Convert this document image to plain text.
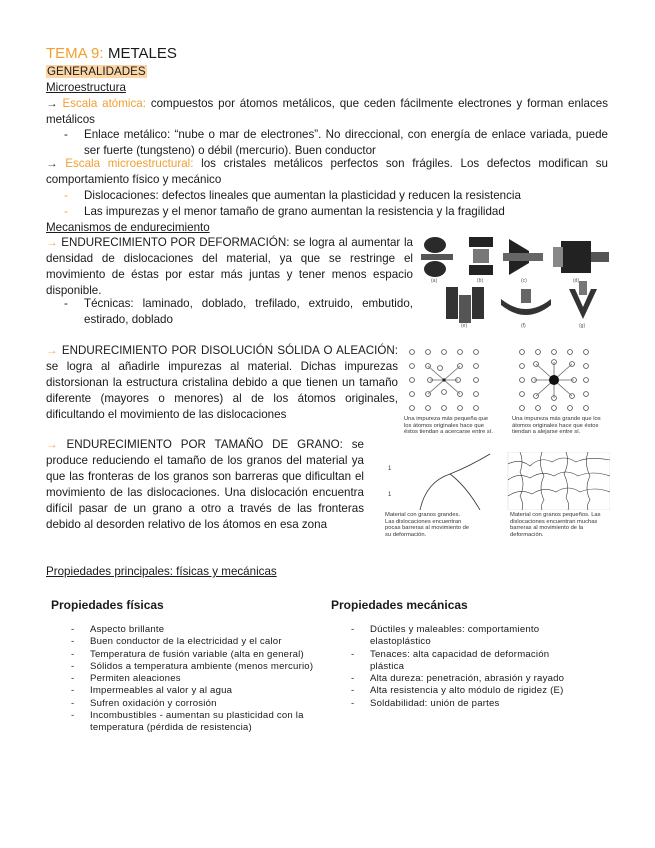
TEMA 9: METALES
GENERALIDADES
Microestructura

→ Escala atómica: compuestos por átomos metálicos, que ceden fácilmente electrones y forman enlaces metálicos

- Enlace metálico: “nube o mar de electrones”. No direccional, con energía de enlace variada, puede ser fuerte (tungsteno) o débil (mercurio). Buen conductor

→ Escala microestructural: los cristales metálicos perfectos son frágiles. Los defectos modifican su comportamiento físico y mecánico

- Dislocaciones: defectos lineales que aumentan la plasticidad y reducen la resistencia
- Las impurezas y el menor tamaño de grano aumentan la resistencia y la fragilidad
Mecanismos de endurecimiento

→ ENDURECIMIENTO POR DEFORMACIÓN: se logra al aumentar la densidad de dislocaciones del material, ya que se restringe el movimiento de éstas por estar más juntas y tener menos espacio disponible.

- Técnicas: laminado, doblado, trefilado, extruido, embutido, estirado, doblado
(a)	(b)	(c)	(d)
(e)	(f)	(g)

→ ENDURECIMIENTO POR DISOLUCIÓN SÓLIDA O ALEACIÓN: se logra al añadirle impurezas al material. Dichas impurezas distorsionan la estructura cristalina debido a que tienen un tamaño diferente (mayores o menores) al de los átomos originales, dificultando el movimiento de las dislocaciones	Una impureza más pequeña que los átomos originales hace que éstos tiendan a acercarse entre sí.
Una impureza más grande que los átomos originales hace que éstos tiendan a alejarse entre sí.

→ ENDURECIMIENTO POR TAMAÑO DE GRANO: se produce reduciendo el tamaño de los granos del material ya que las fronteras de los granos son barreras que dificultan el movimiento de las dislocaciones. Una dislocación encuentra difícil pasar de un grano a otro a través de las fronteras debido al desorden relativo de los átomos en esa zona

1
1
Material con granos grandes. Las dislocaciones encuentran pocas barreras al movimiento de su deformación.
Material con granos pequeños. Las dislocaciones encuentran muchas barreras al movimiento de la deformación.
Propiedades principales: físicas y mecánicas
Propiedades físicas
- Aspecto brillante
- Buen conductor de la electricidad y el calor
- Temperatura de fusión variable (alta en general)
- Sólidos a temperatura ambiente (menos mercurio)
- Permiten aleaciones
- Impermeables al valor y al agua
- Sufren oxidación y corrosión
- Incombustibles - aumentan su plasticidad con la temperatura (pérdida de resistencia)
Propiedades mecánicas
- Dúctiles y maleables: comportamiento elastoplástico
- Tenaces: alta capacidad de deformación plástica
- Alta dureza: penetración, abrasión y rayado
- Alta resistencia y alto módulo de rigidez (E)
- Soldabilidad: unión de partes
